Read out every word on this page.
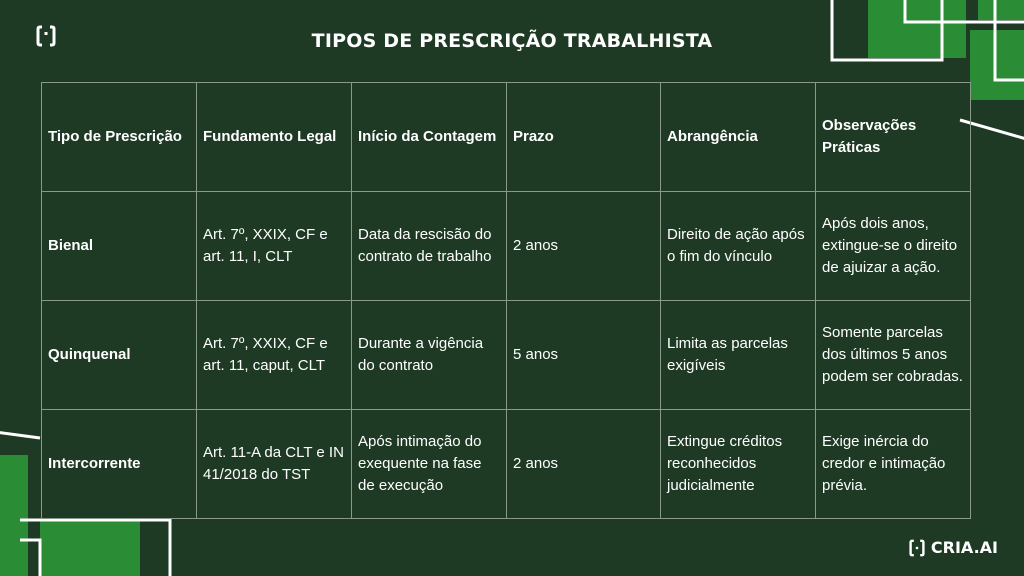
TIPOS DE PRESCRIÇÃO TRABALHISTA
Tipo de Prescrição	Fundamento Legal	Início da Contagem	Prazo	Abrangência	Observações Práticas
Bienal	Art. 7º, XXIX, CF e art. 11, I, CLT	Data da rescisão do contrato de trabalho	2 anos	Direito de ação após o fim do vínculo	Após dois anos, extingue-se o direito de ajuizar a ação.
Quinquenal	Art. 7º, XXIX, CF e art. 11, caput, CLT	Durante a vigência do contrato	5 anos	Limita as parcelas exigíveis	Somente parcelas dos últimos 5 anos podem ser cobradas.
Intercorrente	Art. 11-A da CLT e IN 41/2018 do TST	Após intimação do exequente na fase de execução	2 anos	Extingue créditos reconhecidos judicialmente	Exige inércia do credor e intimação prévia.
CRIA.AI
